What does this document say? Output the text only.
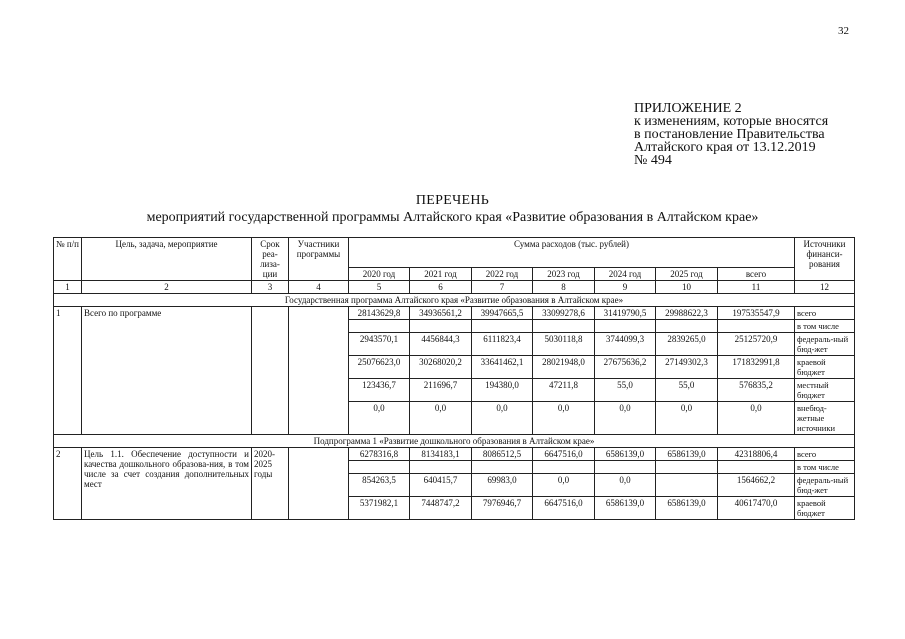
32
ПРИЛОЖЕНИЕ 2
к изменениям, которые вносятся
в постановление Правительства
Алтайского края от 13.12.2019
№ 494
ПЕРЕЧЕНЬ
мероприятий государственной программы Алтайского края «Развитие образования в Алтайском крае»
№ п/п	Цель, задача, мероприятие	Срок реа-лиза-ции	Участники программы	Сумма расходов (тыс. рублей)							Источники финанси-рования
				2020 год	2021 год	2022 год	2023 год	2024 год	2025 год	всего	
1	2	3	4	5	6	7	8	9	10	11	12
Государственная программа Алтайского края «Развитие образования в Алтайском крае»											
1	Всего по программе			28143629,8	34936561,2	39947665,5	33099278,6	31419790,5	29988622,3	197535547,9	всего
											в том числе
				2943570,1	4456844,3	6111823,4	5030118,8	3744099,3	2839265,0	25125720,9	федераль-ный бюд-жет
				25076623,0	30268020,2	33641462,1	28021948,0	27675636,2	27149302,3	171832991,8	краевой бюджет
				123436,7	211696,7	194380,0	47211,8	55,0	55,0	576835,2	местный бюджет
				0,0	0,0	0,0	0,0	0,0	0,0	0,0	внебюд-жетные источники
Подпрограмма 1 «Развитие дошкольного образования в Алтайском крае»											
2	Цель 1.1. Обеспечение доступности и качества дошкольного образова-ния, в том числе за счет создания дополнительных мест	2020-2025 годы		6278316,8	8134183,1	8086512,5	6647516,0	6586139,0	6586139,0	42318806,4	всего
											в том числе
				854263,5	640415,7	69983,0	0,0	0,0		1564662,2	федераль-ный бюд-жет
				5371982,1	7448747,2	7976946,7	6647516,0	6586139,0	6586139,0	40617470,0	краевой бюджет
